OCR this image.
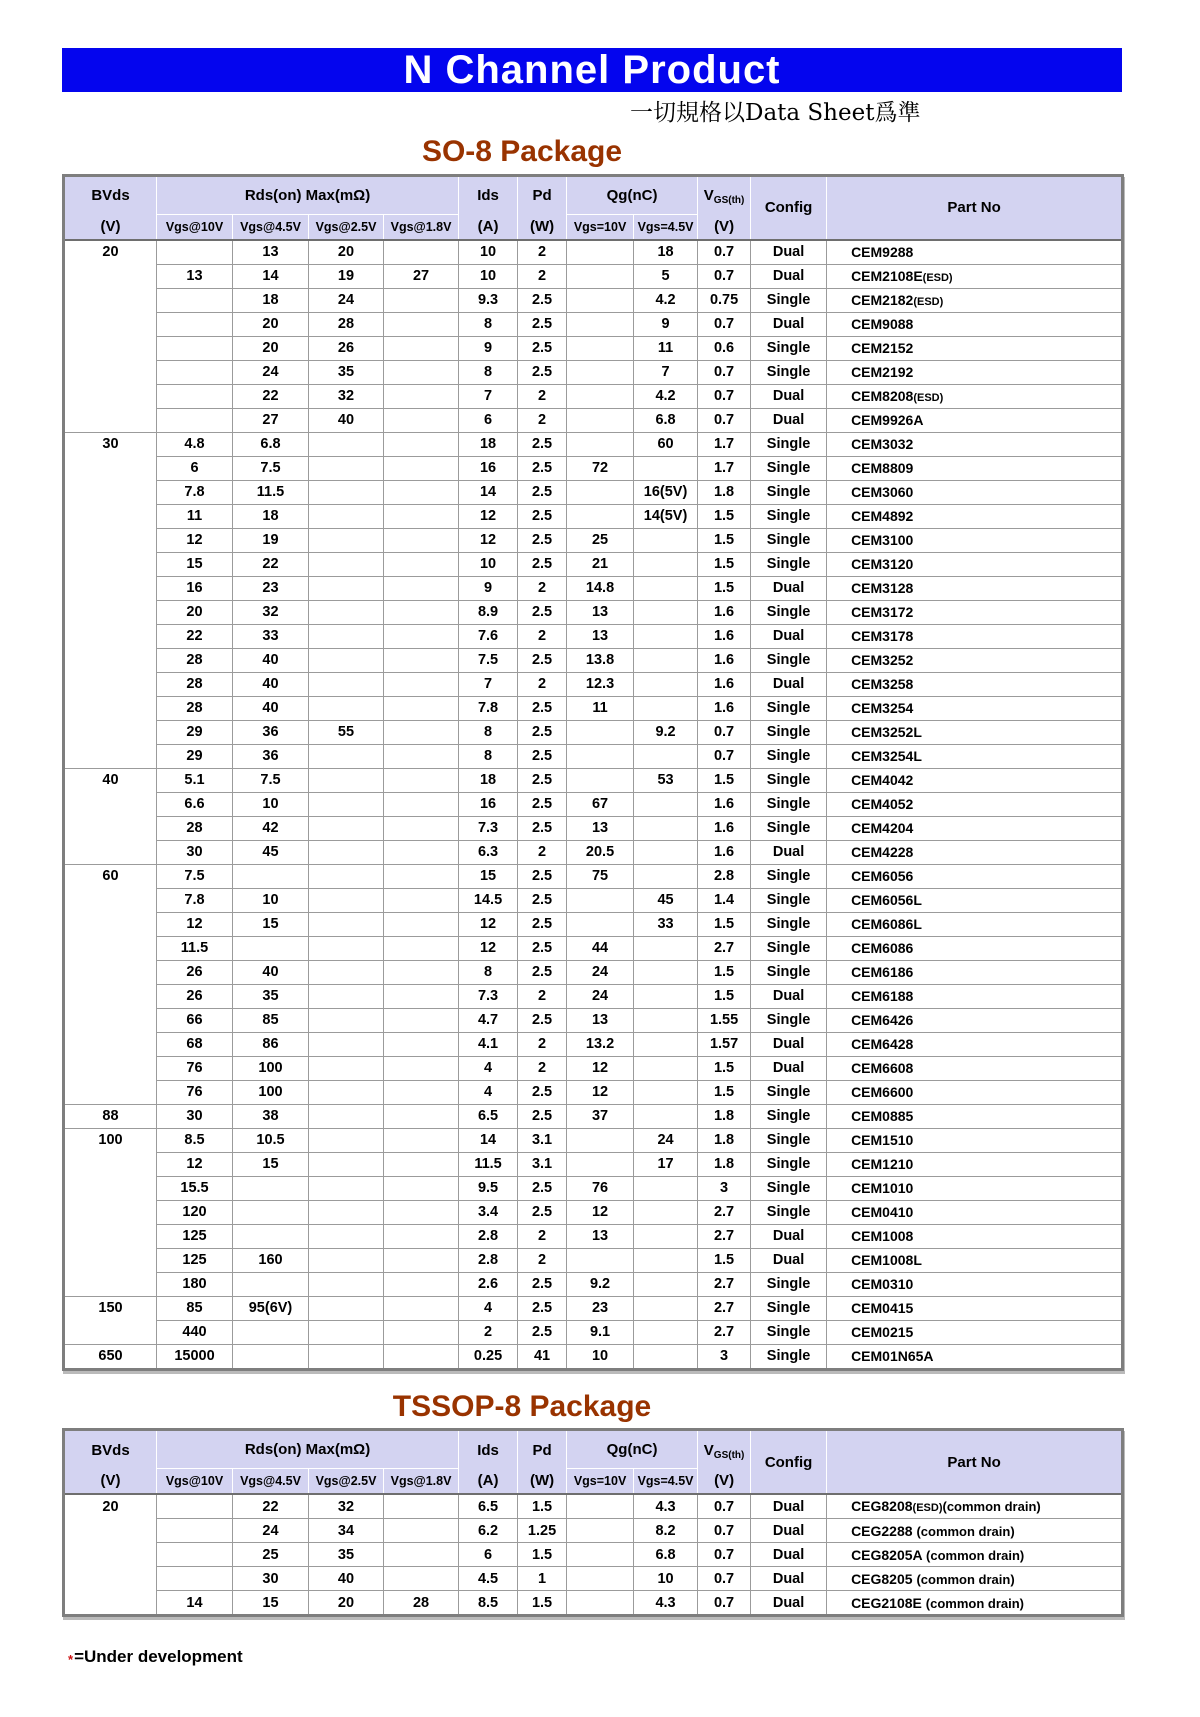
N Channel Product
一切規格以Data Sheet爲準
SO-8 Package
BVds
(V)
	Rds(on) Max(mΩ)	Ids
(A)

Pd
(W)
	Qg(nC)	$V_{GS(th)}$
(V)
	Config	Part No
	Vgs@10V	Vgs@4.5V	Vgs@2.5V	Vgs@1.8V			Vgs=10V	Vgs=4.5V			

20		13	20		10	2		18	0.7	Dual	CEM9288
	13	14	19	27	10	2		5	0.7	Dual	CEM2108E(ESD)
		18	24		9.3	2.5		4.2	0.75	Single	CEM2182(ESD)
		20	28		8	2.5		9	0.7	Dual	CEM9088
		20	26		9	2.5		11	0.6	Single	CEM2152
		24	35		8	2.5		7	0.7	Single	CEM2192
		22	32		7	2		4.2	0.7	Dual	CEM8208(ESD)
		27	40		6	2		6.8	0.7	Dual	CEM9926A

30	4.8	6.8			18	2.5		60	1.7	Single	CEM3032
	6	7.5			16	2.5	72		1.7	Single	CEM8809
	7.8	11.5			14	2.5		16(5V)	1.8	Single	CEM3060
	11	18			12	2.5		14(5V)	1.5	Single	CEM4892
	12	19			12	2.5	25		1.5	Single	CEM3100
	15	22			10	2.5	21		1.5	Single	CEM3120
	16	23			9	2	14.8		1.5	Dual	CEM3128
	20	32			8.9	2.5	13		1.6	Single	CEM3172
	22	33			7.6	2	13		1.6	Dual	CEM3178
	28	40			7.5	2.5	13.8		1.6	Single	CEM3252
	28	40			7	2	12.3		1.6	Dual	CEM3258
	28	40			7.8	2.5	11		1.6	Single	CEM3254
	29	36	55		8	2.5		9.2	0.7	Single	CEM3252L
	29	36			8	2.5			0.7	Single	CEM3254L

40	5.1	7.5			18	2.5		53	1.5	Single	CEM4042
	6.6	10			16	2.5	67		1.6	Single	CEM4052
	28	42			7.3	2.5	13		1.6	Single	CEM4204
	30	45			6.3	2	20.5		1.6	Dual	CEM4228

60	7.5				15	2.5	75		2.8	Single	CEM6056
	7.8	10			14.5	2.5		45	1.4	Single	CEM6056L
	12	15			12	2.5		33	1.5	Single	CEM6086L
	11.5				12	2.5	44		2.7	Single	CEM6086
	26	40			8	2.5	24		1.5	Single	CEM6186
	26	35			7.3	2	24		1.5	Dual	CEM6188
	66	85			4.7	2.5	13		1.55	Single	CEM6426
	68	86			4.1	2	13.2		1.57	Dual	CEM6428
	76	100			4	2	12		1.5	Dual	CEM6608
	76	100			4	2.5	12		1.5	Single	CEM6600

88	30	38			6.5	2.5	37		1.8	Single	CEM0885

100	8.5	10.5			14	3.1		24	1.8	Single	CEM1510
	12	15			11.5	3.1		17	1.8	Single	CEM1210
	15.5				9.5	2.5	76		3	Single	CEM1010
	120				3.4	2.5	12		2.7	Single	CEM0410
	125				2.8	2	13		2.7	Dual	CEM1008
	125	160			2.8	2			1.5	Dual	CEM1008L
	180				2.6	2.5	9.2		2.7	Single	CEM0310

150	85	95(6V)			4	2.5	23		2.7	Single	CEM0415
	440				2	2.5	9.1		2.7	Single	CEM0215

650	15000				0.25	41	10		3	Single	CEM01N65A
TSSOP-8 Package
BVds
(V)
	Rds(on) Max(mΩ)	Ids
(A)

Pd
(W)
	Qg(nC)	$V_{GS(th)}$
(V)
	Config	Part No
	Vgs@10V	Vgs@4.5V	Vgs@2.5V	Vgs@1.8V			Vgs=10V	Vgs=4.5V			

20		22	32		6.5	1.5		4.3	0.7	Dual	CEG8208(ESD)(common drain)
		24	34		6.2	1.25		8.2	0.7	Dual	CEG2288 (common drain)
		25	35		6	1.5		6.8	0.7	Dual	CEG8205A (common drain)
		30	40		4.5	1		10	0.7	Dual	CEG8205 (common drain)
	14	15	20	28	8.5	1.5		4.3	0.7	Dual	CEG2108E (common drain)
*=Under development
